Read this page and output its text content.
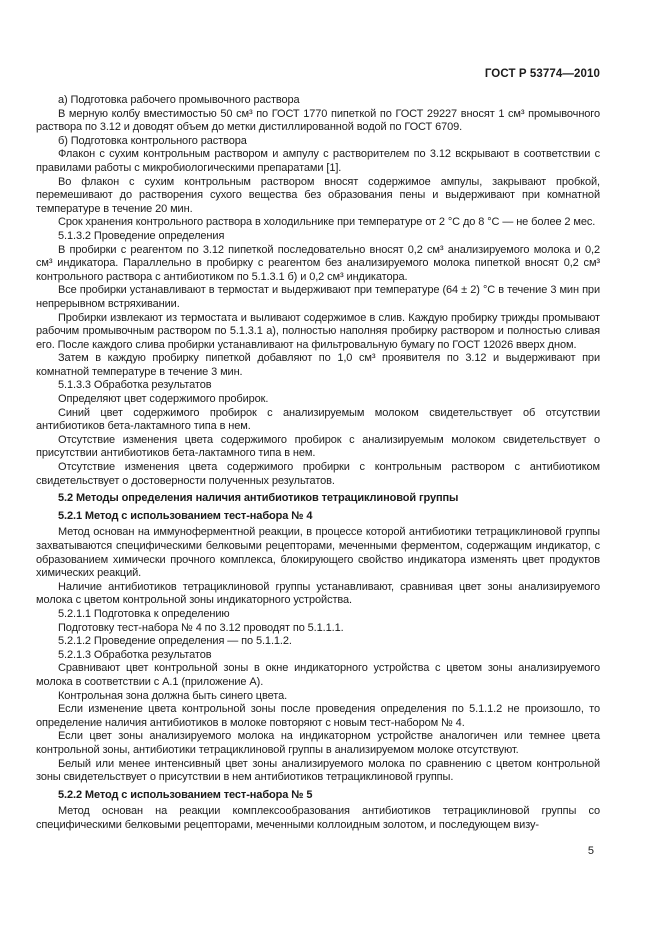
ГОСТ Р 53774—2010

а) Подготовка рабочего промывочного раствора

В мерную колбу вместимостью 50 см³ по ГОСТ 1770 пипеткой по ГОСТ 29227 вносят 1 см³ промывочного раствора по 3.12 и доводят объем до метки дистиллированной водой по ГОСТ 6709.

б) Подготовка контрольного раствора

Флакон с сухим контрольным раствором и ампулу с растворителем по 3.12 вскрывают в соответствии с правилами работы с микробиологическими препаратами [1].

Во флакон с сухим контрольным раствором вносят содержимое ампулы, закрывают пробкой, перемешивают до растворения сухого вещества без образования пены и выдерживают при комнатной температуре в течение 20 мин.

Срок хранения контрольного раствора в холодильнике при температуре от 2 °С до 8 °С — не более 2 мес.

5.1.3.2 Проведение определения

В пробирки с реагентом по 3.12 пипеткой последовательно вносят 0,2 см³ анализируемого молока и 0,2 см³ индикатора. Параллельно в пробирку с реагентом без анализируемого молока пипеткой вносят 0,2 см³ контрольного раствора с антибиотиком по 5.1.3.1 б) и 0,2 см³ индикатора.

Все пробирки устанавливают в термостат и выдерживают при температуре (64 ± 2) °С в течение 3 мин при непрерывном встряхивании.

Пробирки извлекают из термостата и выливают содержимое в слив. Каждую пробирку трижды промывают рабочим промывочным раствором по 5.1.3.1 а), полностью наполняя пробирку раствором и полностью сливая его. После каждого слива пробирки устанавливают на фильтровальную бумагу по ГОСТ 12026 вверх дном.

Затем в каждую пробирку пипеткой добавляют по 1,0 см³ проявителя по 3.12 и выдерживают при комнатной температуре в течение 3 мин.

5.1.3.3 Обработка результатов

Определяют цвет содержимого пробирок.

Синий цвет содержимого пробирок с анализируемым молоком свидетельствует об отсутствии антибиотиков бета-лактамного типа в нем.

Отсутствие изменения цвета содержимого пробирок с анализируемым молоком свидетельствует о присутствии антибиотиков бета-лактамного типа в нем.

Отсутствие изменения цвета содержимого пробирки с контрольным раствором с антибиотиком свидетельствует о достоверности полученных результатов.

5.2 Методы определения наличия антибиотиков тетрациклиновой группы

5.2.1 Метод с использованием тест-набора № 4

Метод основан на иммуноферментной реакции, в процессе которой антибиотики тетрациклиновой группы захватываются специфическими белковыми рецепторами, меченными ферментом, содержащим индикатор, с образованием химически прочного комплекса, блокирующего свойство индикатора изменять цвет продуктов химических реакций.

Наличие антибиотиков тетрациклиновой группы устанавливают, сравнивая цвет зоны анализируемого молока с цветом контрольной зоны индикаторного устройства.

5.2.1.1 Подготовка к определению

Подготовку тест-набора № 4 по 3.12 проводят по 5.1.1.1.

5.2.1.2 Проведение определения — по 5.1.1.2.

5.2.1.3 Обработка результатов

Сравнивают цвет контрольной зоны в окне индикаторного устройства с цветом зоны анализируемого молока в соответствии с А.1 (приложение А).

Контрольная зона должна быть синего цвета.

Если изменение цвета контрольной зоны после проведения определения по 5.1.1.2 не произошло, то определение наличия антибиотиков в молоке повторяют с новым тест-набором № 4.

Если цвет зоны анализируемого молока на индикаторном устройстве аналогичен или темнее цвета контрольной зоны, антибиотики тетрациклиновой группы в анализируемом молоке отсутствуют.

Белый или менее интенсивный цвет зоны анализируемого молока по сравнению с цветом контрольной зоны свидетельствует о присутствии в нем антибиотиков тетрациклиновой группы.

5.2.2 Метод с использованием тест-набора № 5

Метод основан на реакции комплексообразования антибиотиков тетрациклиновой группы со специфическими белковыми рецепторами, меченными коллоидным золотом, и последующем визу-

5
